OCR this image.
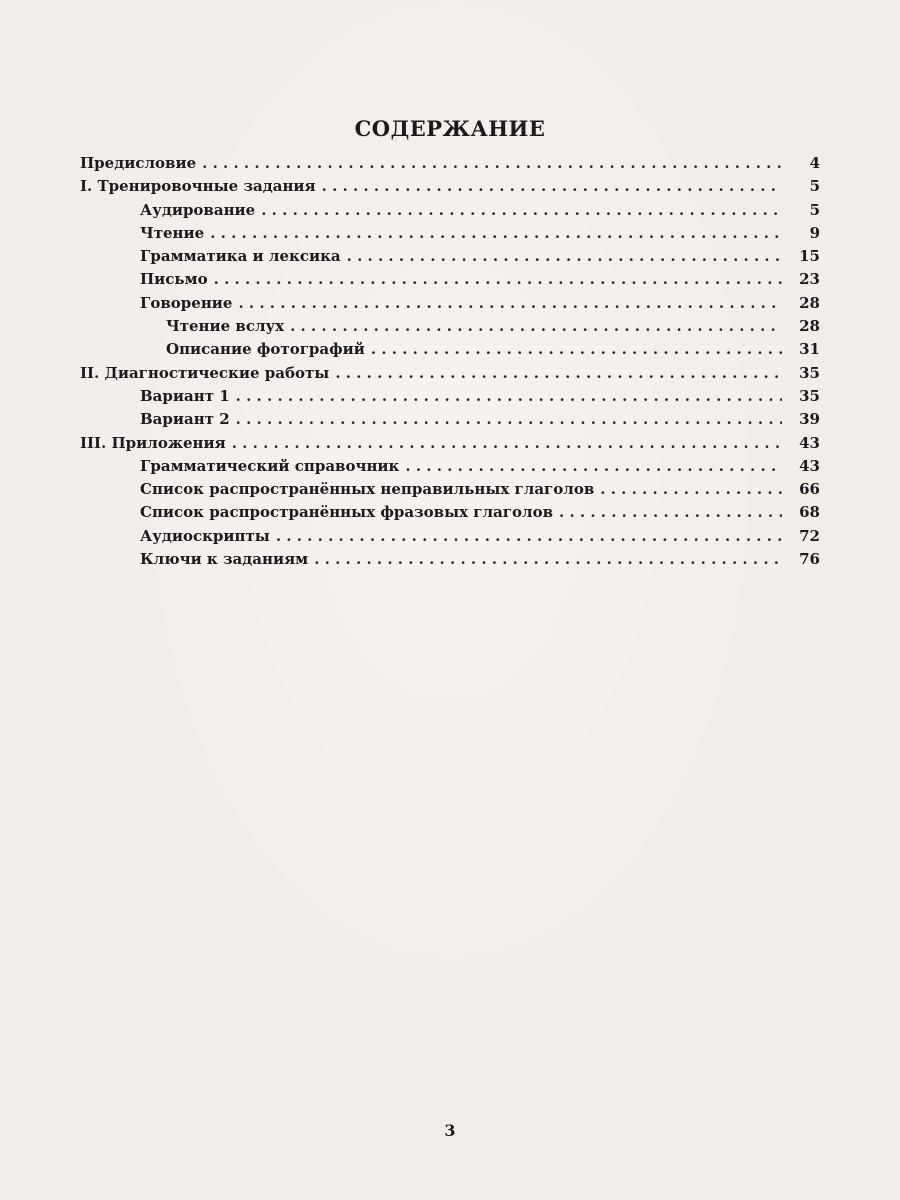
СОДЕРЖАНИЕ
Предисловие . . .	4
I. Тренировочные задания . . .	5
Аудирование . . .	5
Чтение . . .	9
Грамматика и лексика . . .	15
Письмо . . .	23
Говорение . . .	28
Чтение вслух . . .	28
Описание фотографий . . .	31
II. Диагностические работы . . .	35
Вариант 1 . . .	35
Вариант 2 . . .	39
III. Приложения . . .	43
Грамматический справочник . . .	43
Список распространённых неправильных глаголов . . .	66
Список распространённых фразовых глаголов . . .	68
Аудиоскрипты . . .	72
Ключи к заданиям . . .	76
3
